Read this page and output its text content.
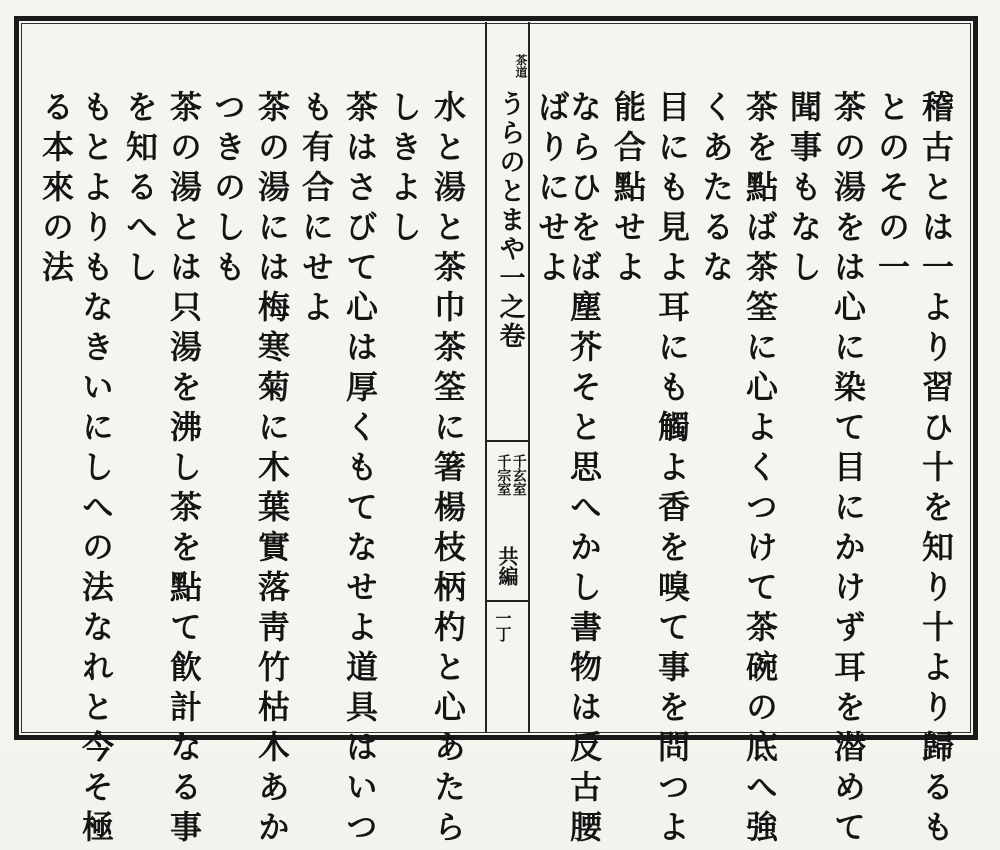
稽古とは一より習ひ十を知り十より歸るも
とのその一
茶の湯をは心に染て目にかけず耳を潜めて
聞事もなし
茶を點ば茶筌に心よくつけて茶碗の底へ強
くあたるな
目にも見よ耳にも觸よ香を嗅て事を問つよ
能合點せよ
ならひをば塵芥そと思へかし書物は反古腰
ばりにせよ
茶道
うらのとまや一之卷
千玄室
千宗室
共編
一丁
水と湯と茶巾茶筌に箸楊枝柄杓と心あたら
しきよし
茶はさびて心は厚くもてなせよ道具はいつ
も有合にせよ
茶の湯には梅寒菊に木葉實落靑竹枯木あか
つきのしも
茶の湯とは只湯を沸し茶を點て飮計なる事
を知るへし
もとよりもなきいにしへの法なれと今そ極
る本來の法
